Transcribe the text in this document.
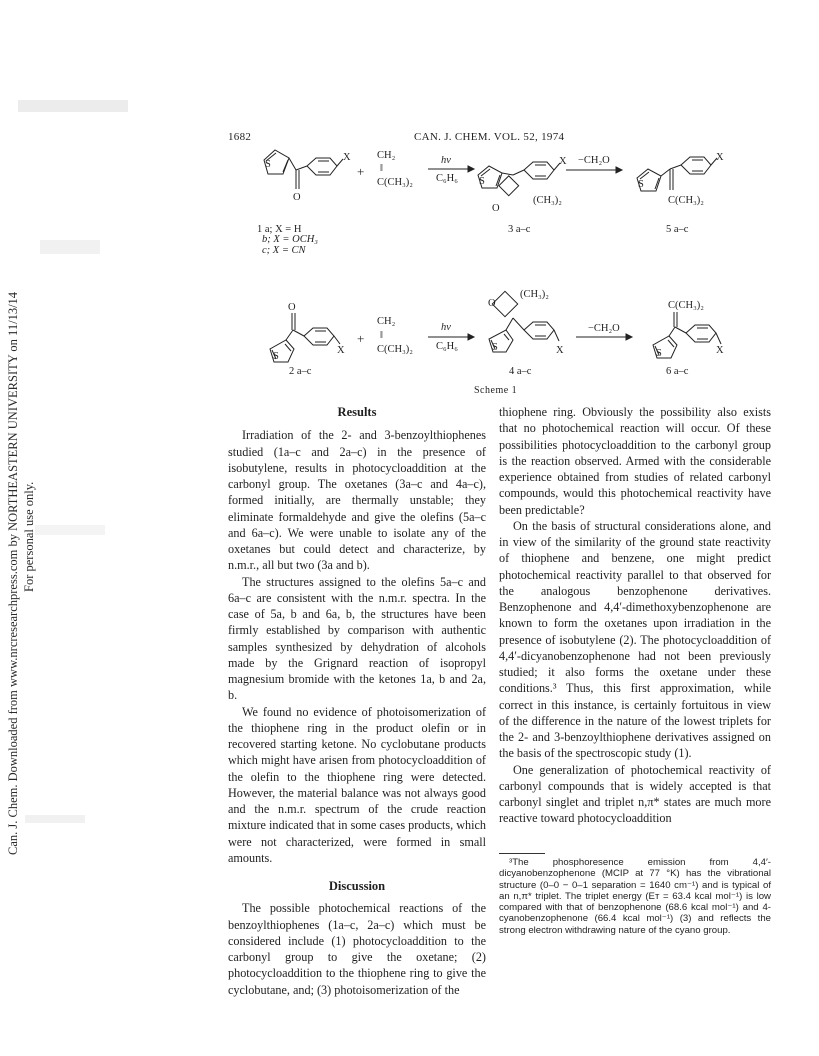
1682	CAN. J. CHEM. VOL. 52, 1974
Can. J. Chem. Downloaded from www.nrcresearchpress.com by NORTHEASTERN UNIVERSITY on 11/13/14 For personal use only.
S
O
X
+
CH₂
‖
C(CH₃)₂
hν
C₆H₆ S
O
(CH₃)₂
X −CH₂O
S
X
C(CH₃)₂
1 a; X = H
b; X = OCH₃
c; X = CN
3 a–c	5 a–c
O
S
X
+
CH₂
‖
C(CH₃)₂
hν
C₆H₆
O
(CH₃)₂
S	X
−CH₂O
C(CH₃)₂
S	X
2 a–c	4 a–c	6 a–c
Scheme 1
Results

Irradiation of the 2- and 3-benzoylthiophenes studied (1a–c and 2a–c) in the presence of isobutylene, results in photocycloaddition at the carbonyl group. The oxetanes (3a–c and 4a–c), formed initially, are thermally unstable; they eliminate formaldehyde and give the olefins (5a–c and 6a–c). We were unable to isolate any of the oxetanes but could detect and characterize, by n.m.r., all but two (3a and b).

The structures assigned to the olefins 5a–c and 6a–c are consistent with the n.m.r. spectra. In the case of 5a, b and 6a, b, the structures have been firmly established by comparison with authentic samples synthesized by dehydration of alcohols made by the Grignard reaction of isopropyl magnesium bromide with the ketones 1a, b and 2a, b.

We found no evidence of photoisomerization of the thiophene ring in the product olefin or in recovered starting ketone. No cyclobutane products which might have arisen from photocycloaddition of the olefin to the thiophene ring were detected. However, the material balance was not always good and the n.m.r. spectrum of the crude reaction mixture indicated that in some cases products, which were not characterized, were formed in small amounts.

Discussion

The possible photochemical reactions of the benzoylthiophenes (1a–c, 2a–c) which must be considered include (1) photocycloaddition to the carbonyl group to give the oxetane; (2) photocycloaddition to the thiophene ring to give the cyclobutane, and; (3) photoisomerization of the

thiophene ring. Obviously the possibility also exists that no photochemical reaction will occur. Of these possibilities photocycloaddition to the carbonyl group is the reaction observed. Armed with the considerable experience obtained from studies of related carbonyl compounds, would this photochemical reactivity have been predictable?

On the basis of structural considerations alone, and in view of the similarity of the ground state reactivity of thiophene and benzene, one might predict photochemical reactivity parallel to that observed for the analogous benzophenone derivatives. Benzophenone and 4,4′-dimethoxybenzophenone are known to form the oxetanes upon irradiation in the presence of isobutylene (2). The photocycloaddition of 4,4′-dicyanobenzophenone had not been previously studied; it also forms the oxetane under these conditions.³ Thus, this first approximation, while correct in this instance, is certainly fortuitous in view of the difference in the nature of the lowest triplets for the 2- and 3-benzoylthiophene derivatives assigned on the basis of the spectroscopic study (1).

One generalization of photochemical reactivity of carbonyl compounds that is widely accepted is that carbonyl singlet and triplet n,π* states are much more reactive toward photocycloaddition

³The phosphoresence emission from 4,4′-dicyanobenzophenone (MCIP at 77 °K) has the vibrational structure (0–0 − 0–1 separation = 1640 cm⁻¹) and is typical of an n,π* triplet. The triplet energy (Eᴛ = 63.4 kcal mol⁻¹) is low compared with that of benzophenone (68.6 kcal mol⁻¹) and 4-cyanobenzophenone (66.4 kcal mol⁻¹) (3) and reflects the strong electron withdrawing nature of the cyano group.
